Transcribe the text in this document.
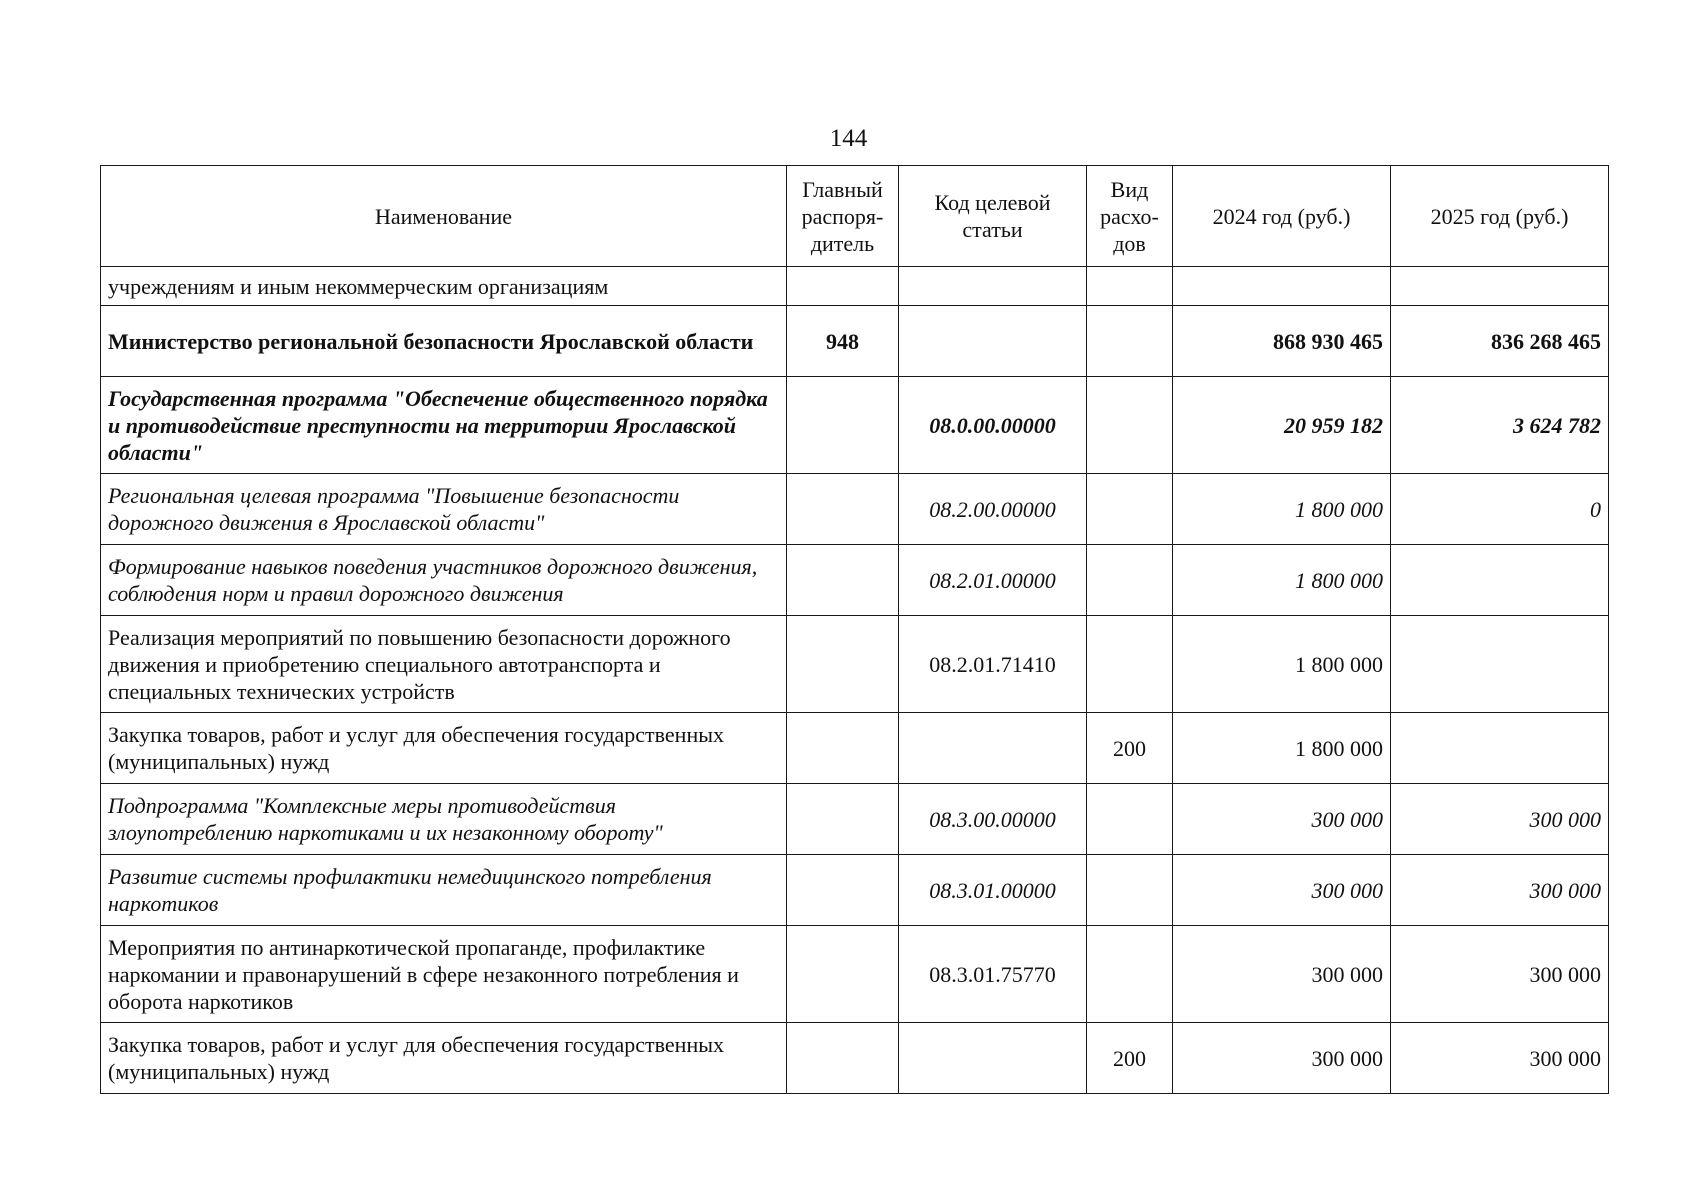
144
Наименование	Главный распоря-дитель	Код целевой статьи	Вид расхо-дов	2024 год (руб.)	2025 год (руб.)
учреждениям и иным некоммерческим организациям					
Министерство региональной безопасности Ярославской области	948			868 930 465	836 268 465
Государственная программа "Обеспечение общественного порядка и противодействие преступности на территории Ярославской области"		08.0.00.00000		20 959 182	3 624 782
Региональная целевая программа "Повышение безопасности дорожного движения в Ярославской области"		08.2.00.00000		1 800 000	0
Формирование навыков поведения участников дорожного движения, соблюдения норм и правил дорожного движения		08.2.01.00000		1 800 000	
Реализация мероприятий по повышению безопасности дорожного движения и приобретению специального автотранспорта и специальных технических устройств		08.2.01.71410		1 800 000	
Закупка товаров, работ и услуг для обеспечения государственных (муниципальных) нужд			200	1 800 000	
Подпрограмма "Комплексные меры противодействия злоупотреблению наркотиками и их незаконному обороту"		08.3.00.00000		300 000	300 000
Развитие системы профилактики немедицинского потребления наркотиков		08.3.01.00000		300 000	300 000
Мероприятия по антинаркотической пропаганде, профилактике наркомании и правонарушений в сфере незаконного потребления и оборота наркотиков		08.3.01.75770		300 000	300 000
Закупка товаров, работ и услуг для обеспечения государственных (муниципальных) нужд			200	300 000	300 000
